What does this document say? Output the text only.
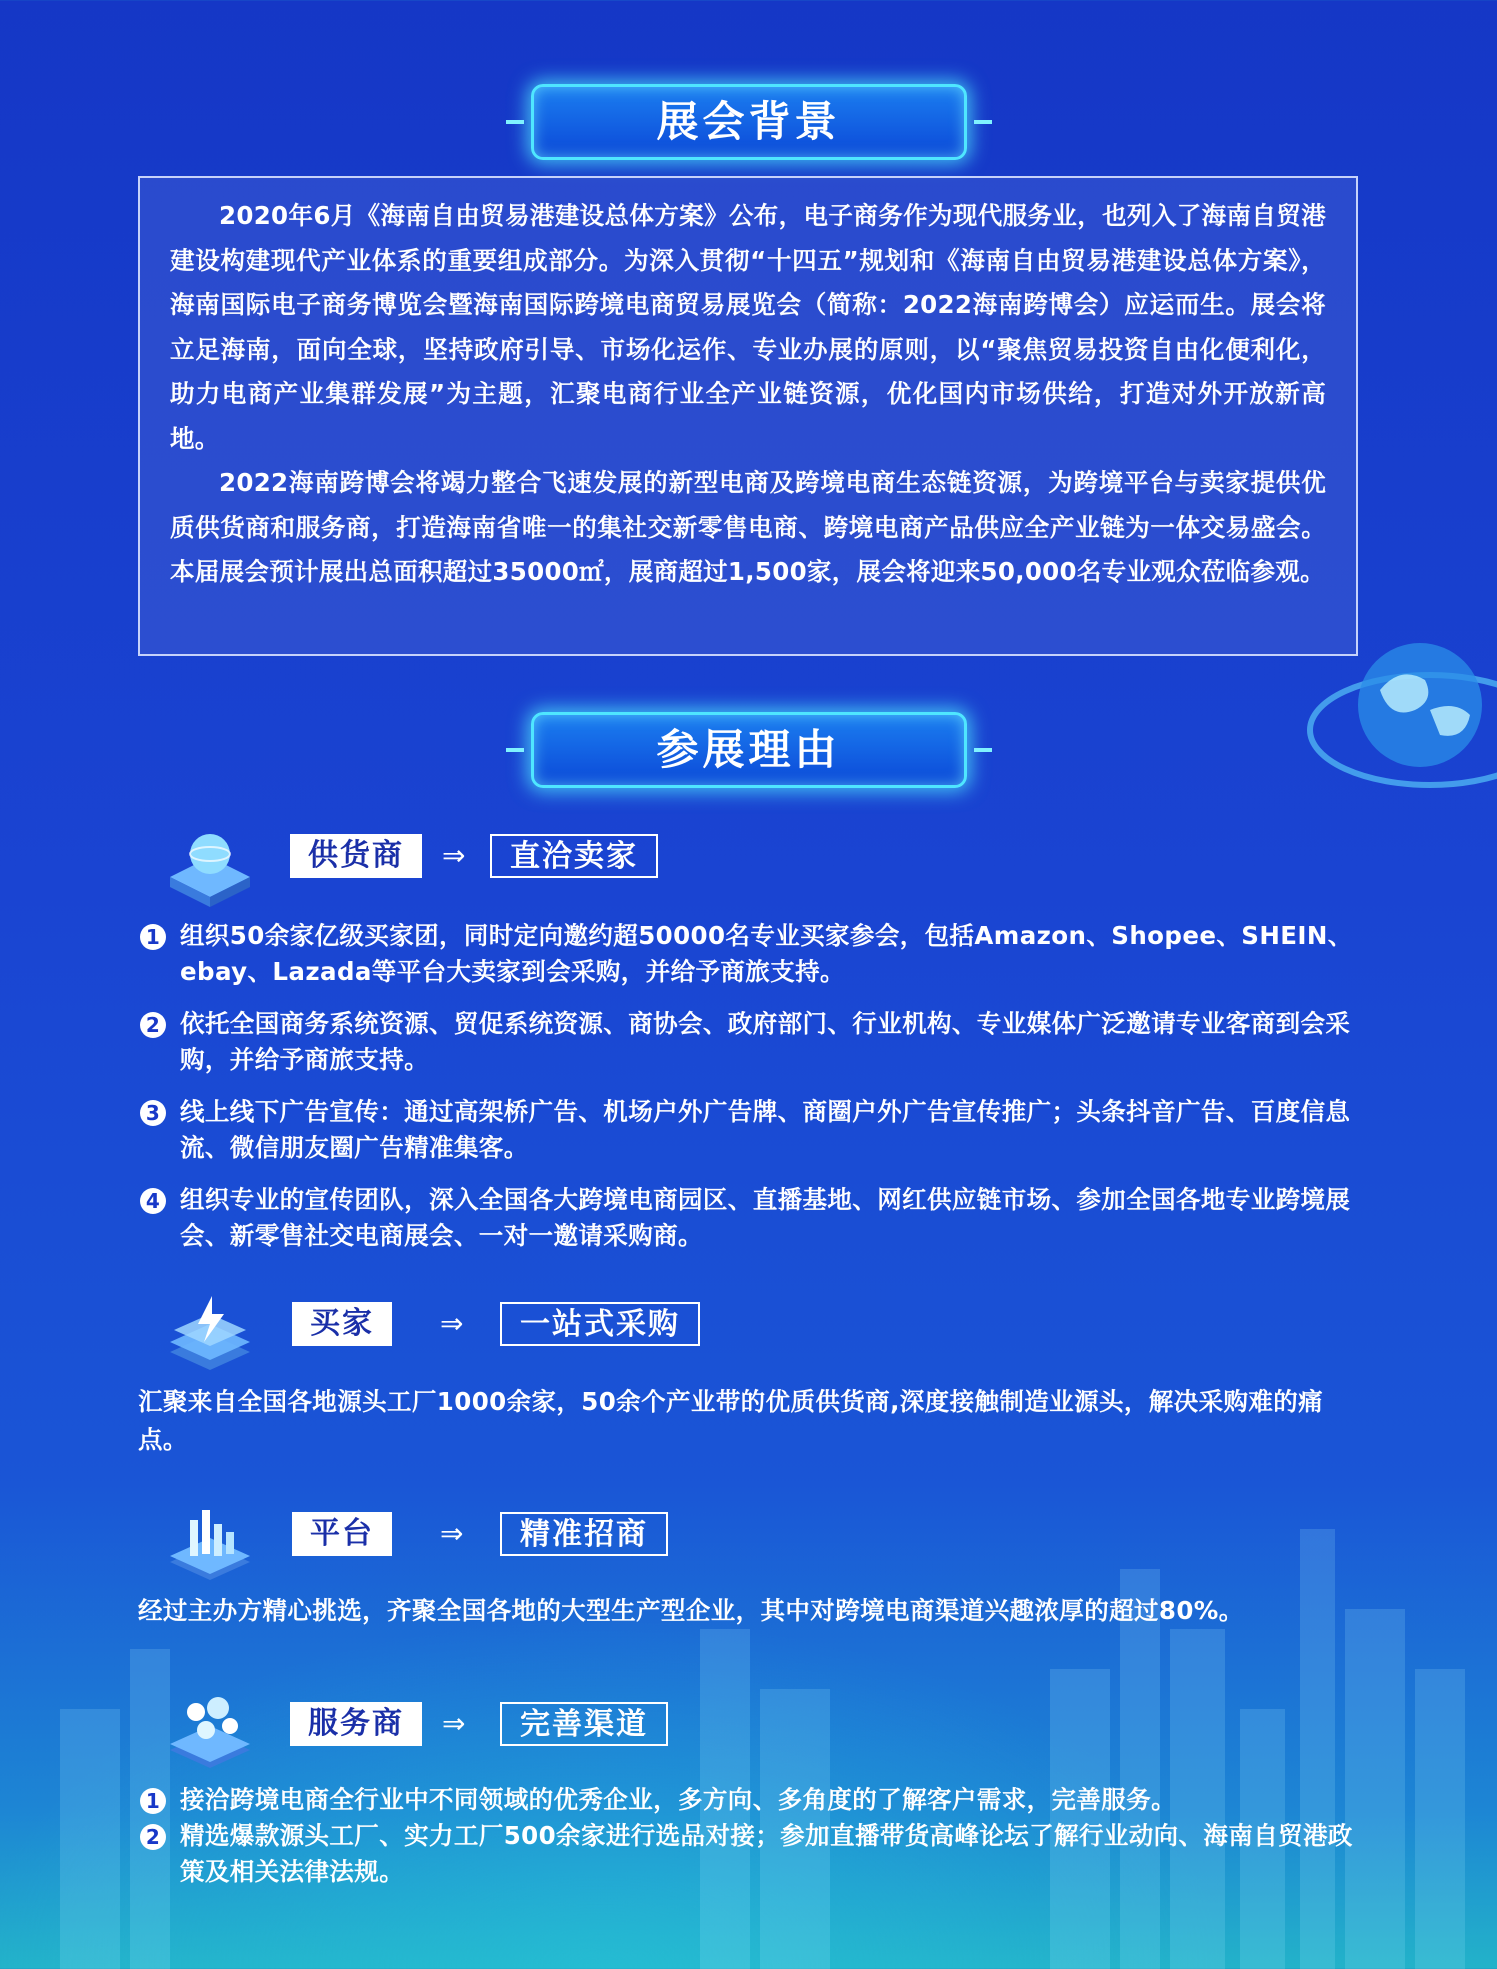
展会背景

2020年6月《海南自由贸易港建设总体方案》公布，电子商务作为现代服务业，也列入了海南自贸港建设构建现代产业体系的重要组成部分。为深入贯彻“十四五”规划和《海南自由贸易港建设总体方案》，海南国际电子商务博览会暨海南国际跨境电商贸易展览会（简称：2022海南跨博会）应运而生。展会将立足海南，面向全球，坚持政府引导、市场化运作、专业办展的原则，以“聚焦贸易投资自由化便利化，助力电商产业集群发展”为主题，汇聚电商行业全产业链资源，优化国内市场供给，打造对外开放新高地。

2022海南跨博会将竭力整合飞速发展的新型电商及跨境电商生态链资源，为跨境平台与卖家提供优质供货商和服务商，打造海南省唯一的集社交新零售电商、跨境电商产品供应全产业链为一体交易盛会。本届展会预计展出总面积超过35000㎡，展商超过1,500家，展会将迎来50,000名专业观众莅临参观。

参展理由
供货商	⇒	直洽卖家
1 组织50余家亿级买家团，同时定向邀约超50000名专业买家参会，包括Amazon、Shopee、SHEIN、ebay、Lazada等平台大卖家到会采购，并给予商旅支持。
2 依托全国商务系统资源、贸促系统资源、商协会、政府部门、行业机构、专业媒体广泛邀请专业客商到会采购，并给予商旅支持。
3 线上线下广告宣传：通过高架桥广告、机场户外广告牌、商圈户外广告宣传推广；头条抖音广告、百度信息流、微信朋友圈广告精准集客。
4 组织专业的宣传团队，深入全国各大跨境电商园区、直播基地、网红供应链市场、参加全国各地专业跨境展会、新零售社交电商展会、一对一邀请采购商。
买家	⇒	一站式采购
汇聚来自全国各地源头工厂1000余家，50余个产业带的优质供货商,深度接触制造业源头，解决采购难的痛点。
平台	⇒	精准招商
经过主办方精心挑选，齐聚全国各地的大型生产型企业，其中对跨境电商渠道兴趣浓厚的超过80%。
服务商	⇒	完善渠道
1 接洽跨境电商全行业中不同领域的优秀企业，多方向、多角度的了解客户需求，完善服务。
2 精选爆款源头工厂、实力工厂500余家进行选品对接；参加直播带货高峰论坛了解行业动向、海南自贸港政策及相关法律法规。
